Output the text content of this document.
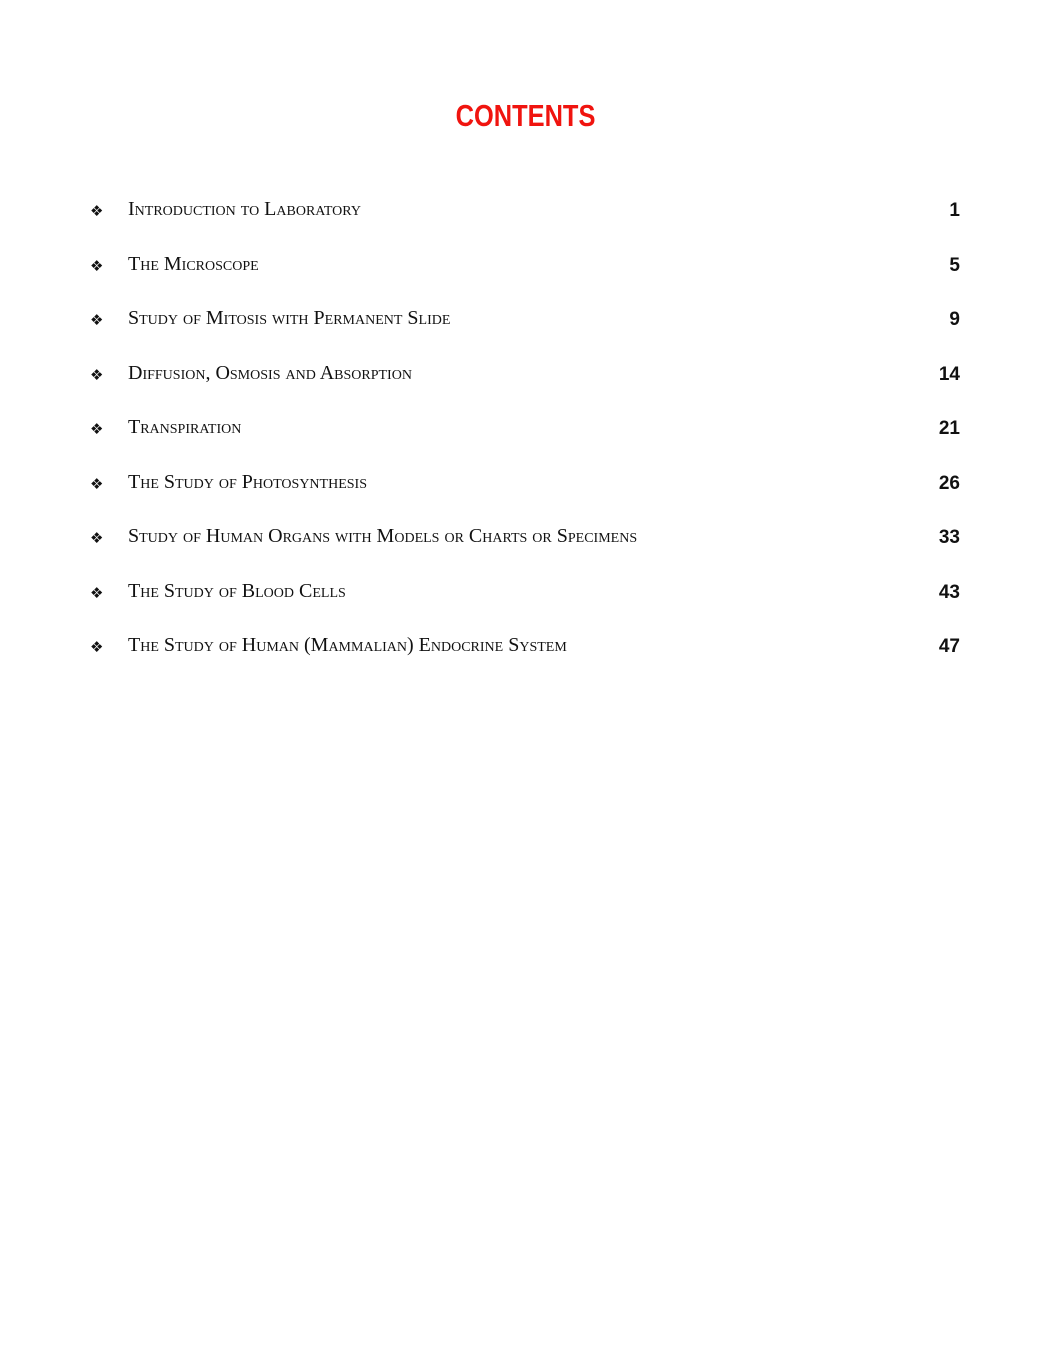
CONTENTS
❖ Introduction to Laboratory	1
❖ The Microscope	5
❖ Study of Mitosis with Permanent Slide	9
❖ Diffusion, Osmosis and Absorption	14
❖ Transpiration	21
❖ The Study of Photosynthesis	26
❖ Study of Human Organs with Models or Charts or Specimens	33
❖ The Study of Blood Cells	43
❖ The Study of Human (Mammalian) Endocrine System	47
